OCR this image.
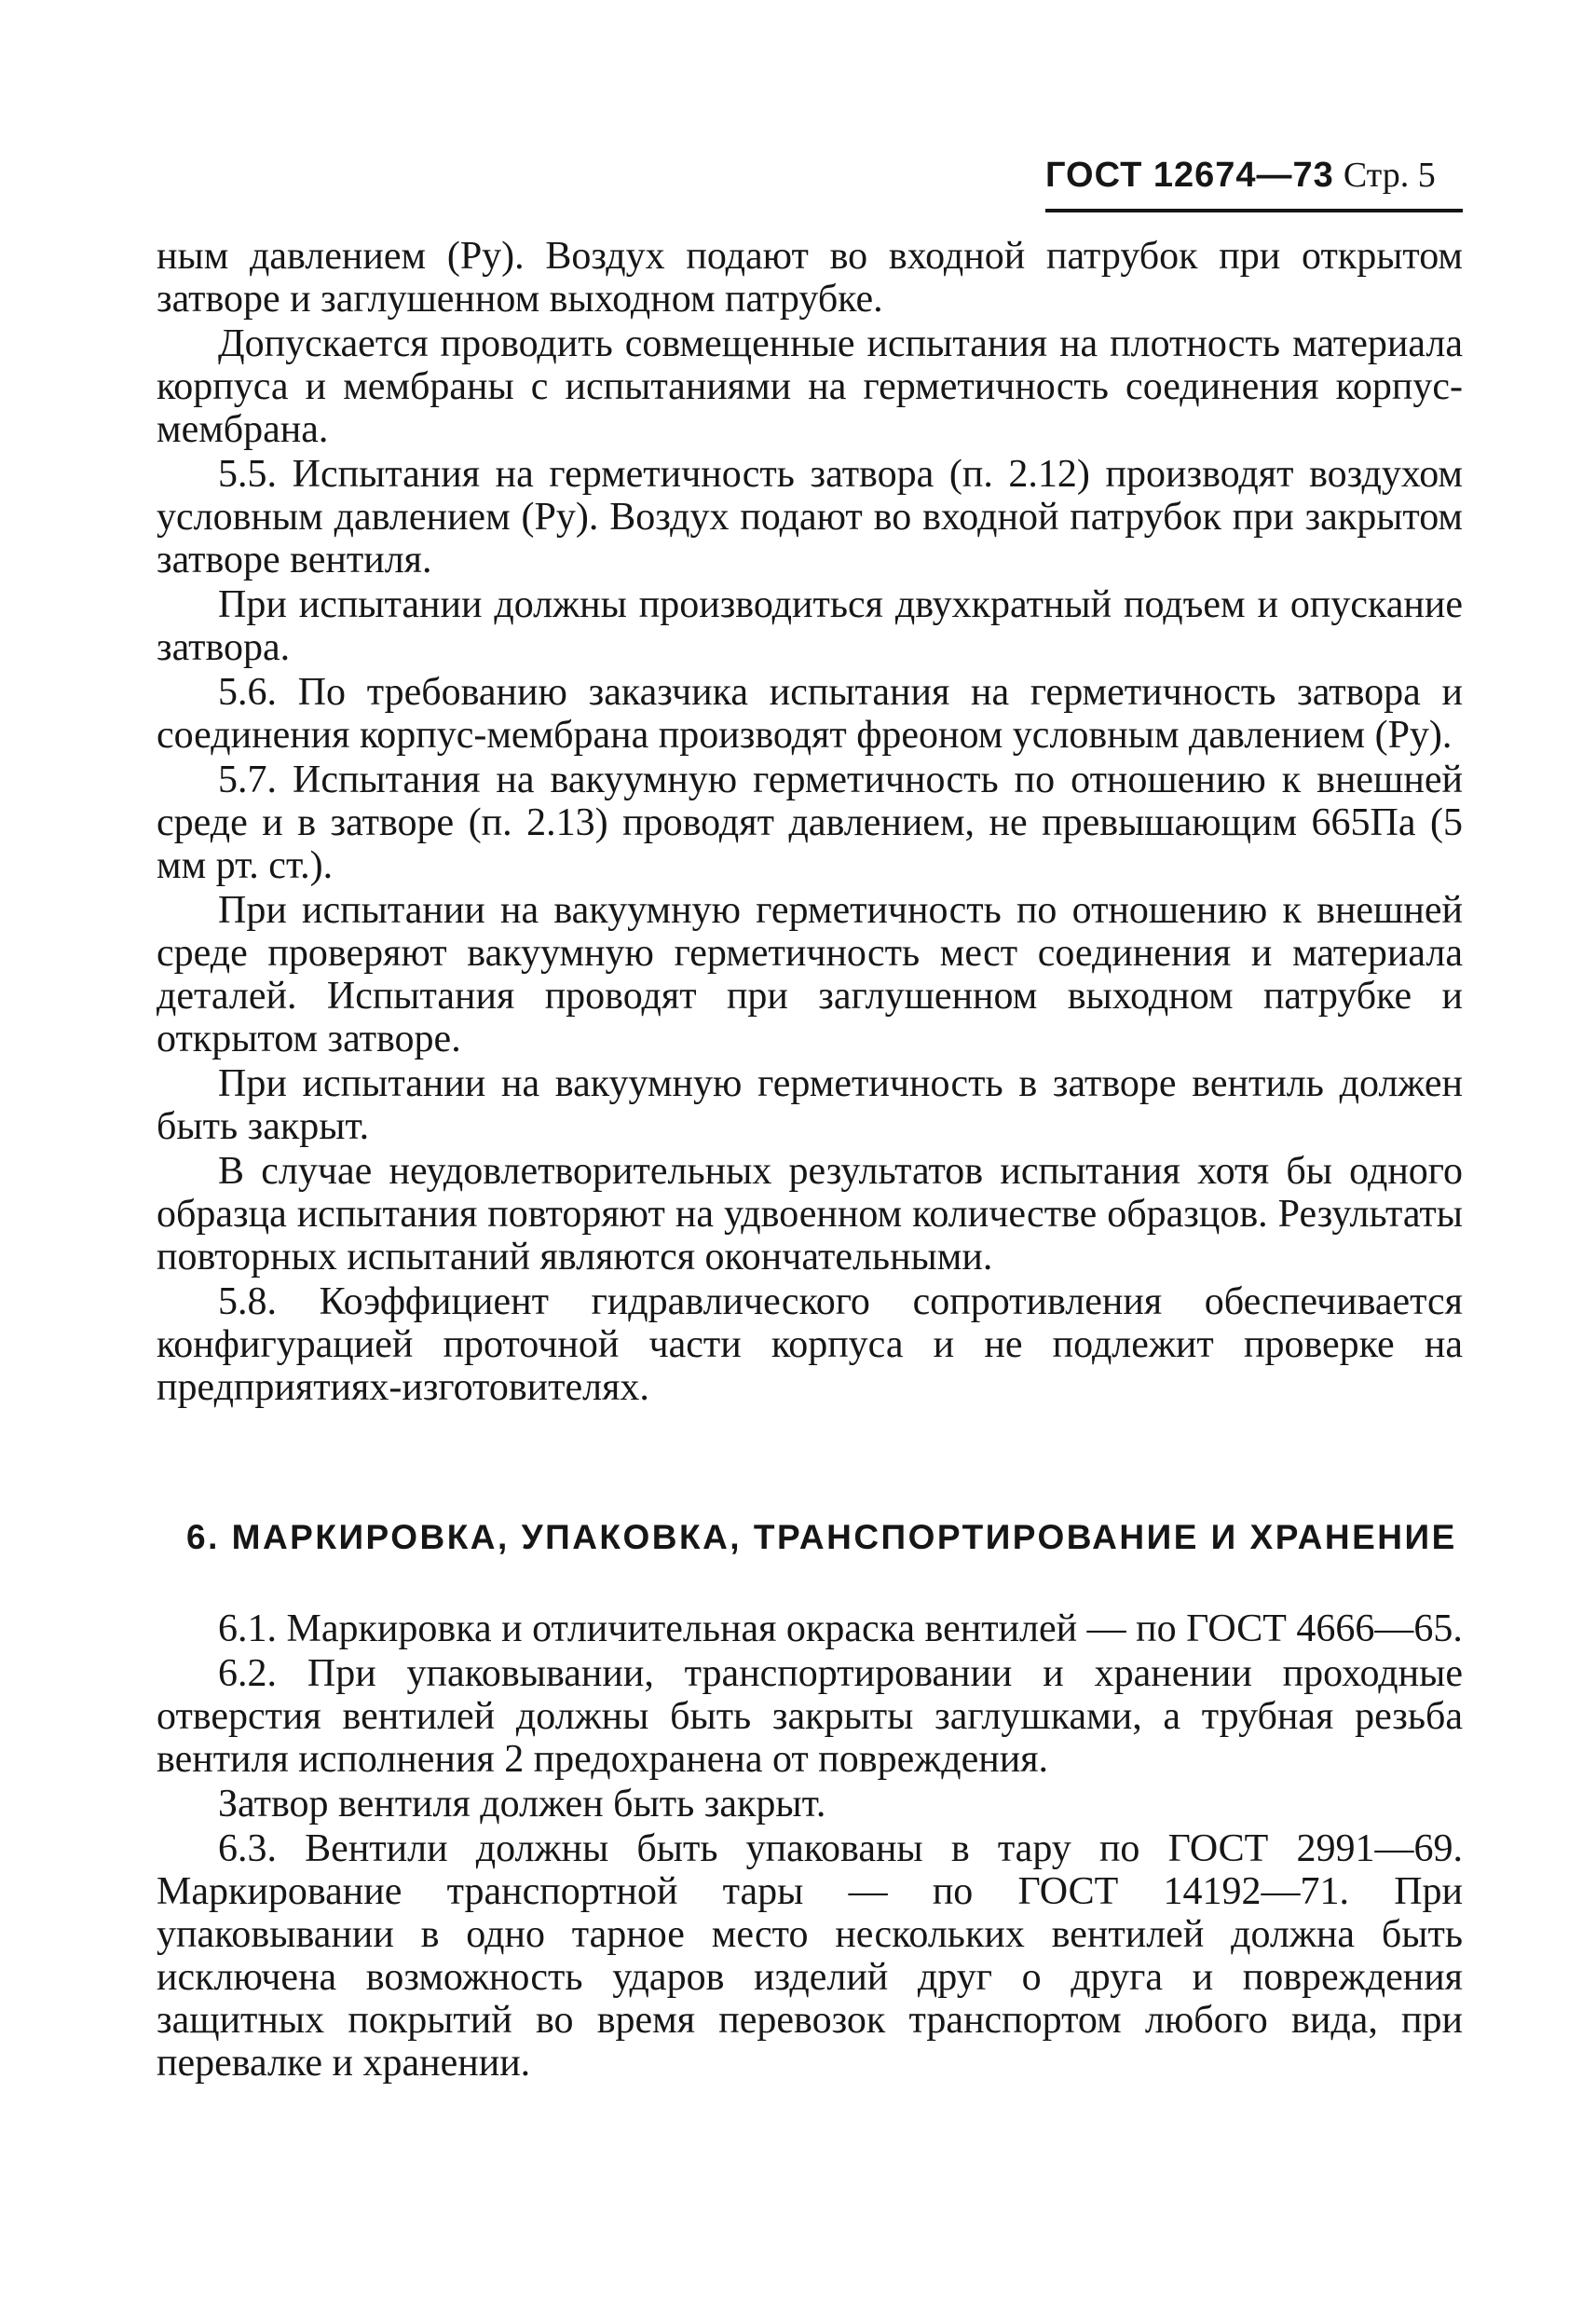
ГОСТ 12674—73 Стр. 5

ным давлением (Pу). Воздух подают во входной патрубок при открытом затворе и заглушенном выходном патрубке.

Допускается проводить совмещенные испытания на плотность материала корпуса и мембраны с испытаниями на герметичность соединения корпус-мембрана.

5.5. Испытания на герметичность затвора (п. 2.12) производят воздухом условным давлением (Pу). Воздух подают во входной патрубок при закрытом затворе вентиля.

При испытании должны производиться двухкратный подъем и опускание затвора.

5.6. По требованию заказчика испытания на герметичность затвора и соединения корпус-мембрана производят фреоном условным давлением (Pу).

5.7. Испытания на вакуумную герметичность по отношению к внешней среде и в затворе (п. 2.13) проводят давлением, не превышающим 665Па (5 мм рт. ст.).

При испытании на вакуумную герметичность по отношению к внешней среде проверяют вакуумную герметичность мест соединения и материала деталей. Испытания проводят при заглушенном выходном патрубке и открытом затворе.

При испытании на вакуумную герметичность в затворе вентиль должен быть закрыт.

В случае неудовлетворительных результатов испытания хотя бы одного образца испытания повторяют на удвоенном количестве образцов. Результаты повторных испытаний являются окончательными.

5.8. Коэффициент гидравлического сопротивления обеспечивается конфигурацией проточной части корпуса и не подлежит проверке на предприятиях-изготовителях.

6. МАРКИРОВКА, УПАКОВКА, ТРАНСПОРТИРОВАНИЕ И ХРАНЕНИЕ

6.1. Маркировка и отличительная окраска вентилей — по ГОСТ 4666—65.

6.2. При упаковывании, транспортировании и хранении проходные отверстия вентилей должны быть закрыты заглушками, а трубная резьба вентиля исполнения 2 предохранена от повреждения.

Затвор вентиля должен быть закрыт.

6.3. Вентили должны быть упакованы в тару по ГОСТ 2991—69. Маркирование транспортной тары — по ГОСТ 14192—71. При упаковывании в одно тарное место нескольких вентилей должна быть исключена возможность ударов изделий друг о друга и повреждения защитных покрытий во время перевозок транспортом любого вида, при перевалке и хранении.
